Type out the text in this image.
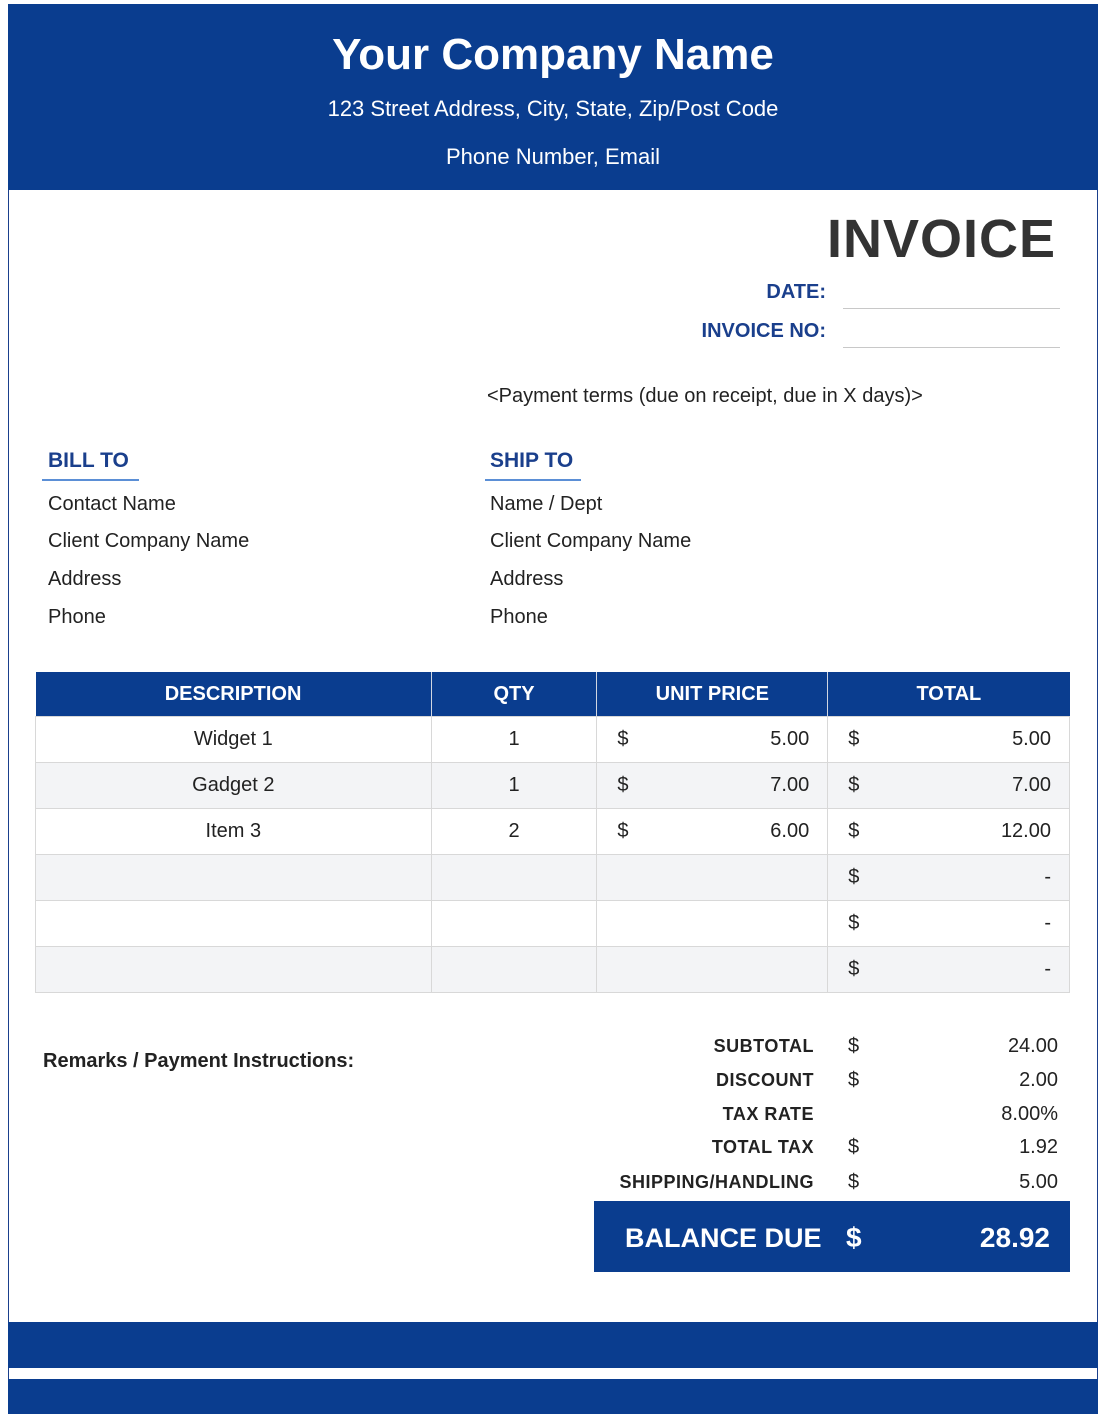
Your Company Name
123 Street Address, City, State, Zip/Post Code
Phone Number, Email
INVOICE
DATE:
INVOICE NO:
<Payment terms (due on receipt, due in X days)>
BILL TO
Contact Name
Client Company Name
Address
Phone
SHIP TO
Name / Dept
Client Company Name
Address
Phone
DESCRIPTION	QTY	UNIT PRICE	TOTAL
Widget 1	1	$ 5.00	$ 5.00

Gadget 2	1	$ 7.00	$ 7.00

Item 3	2	$ 6.00	$ 12.00

			$ -

			$ -

			$ -
Remarks / Payment Instructions:
SUBTOTAL $	24.00
DISCOUNT $	2.00
TAX RATE	8.00%
TOTAL TAX $	1.92
SHIPPING/HANDLING $	5.00
BALANCE DUE $	28.92
